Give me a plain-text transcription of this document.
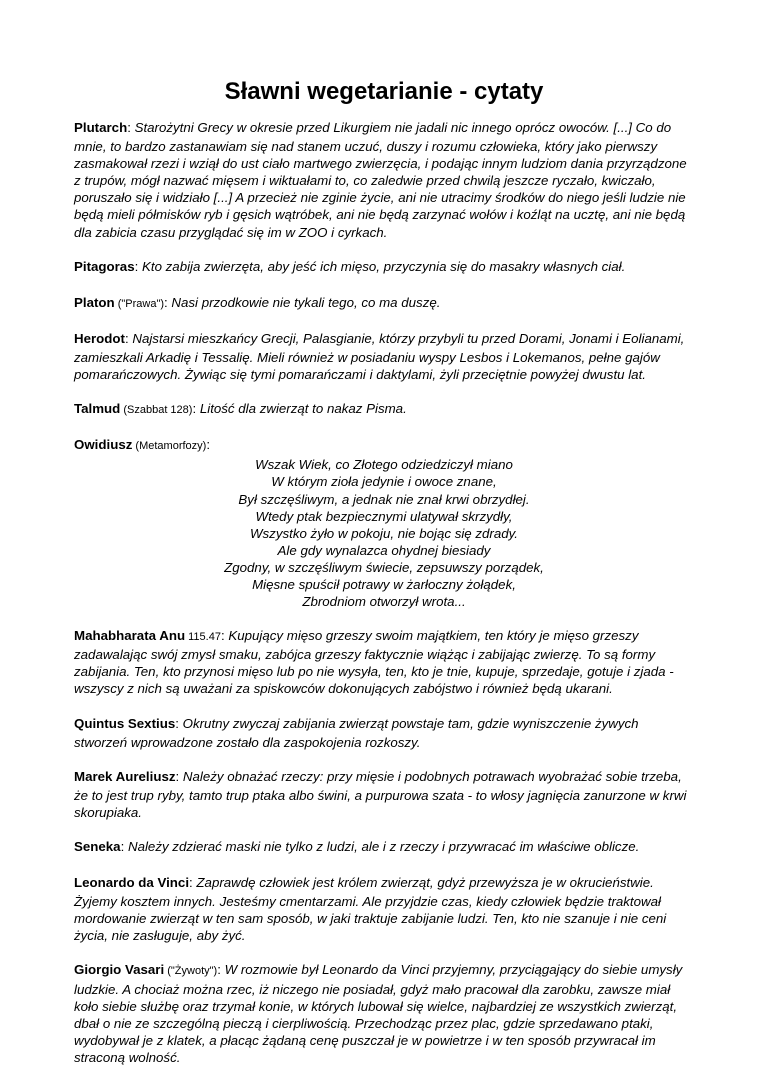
Sławni wegetarianie - cytaty

Plutarch: Starożytni Grecy w okresie przed Likurgiem nie jadali nic innego oprócz owoców. [...] Co do mnie, to bardzo zastanawiam się nad stanem uczuć, duszy i rozumu człowieka, który jako pierwszy zasmakował rzezi i wziął do ust ciało martwego zwierzęcia, i podając innym ludziom dania przyrządzone z trupów, mógł nazwać mięsem i wiktuałami to, co zaledwie przed chwilą jeszcze ryczało, kwiczało, poruszało się i widziało [...] A przecież nie zginie życie, ani nie utracimy środków do niego jeśli ludzie nie będą mieli półmisków ryb i gęsich wątróbek, ani nie będą zarzynać wołów i koźląt na ucztę, ani nie będą dla zabicia czasu przyglądać się im w ZOO i cyrkach.

Pitagoras: Kto zabija zwierzęta, aby jeść ich mięso, przyczynia się do masakry własnych ciał.

Platon ("Prawa"): Nasi przodkowie nie tykali tego, co ma duszę.

Herodot: Najstarsi mieszkańcy Grecji, Palasgianie, którzy przybyli tu przed Dorami, Jonami i Eolianami, zamieszkali Arkadię i Tessalię. Mieli również w posiadaniu wyspy Lesbos i Lokemanos, pełne gajów pomarańczowych. Żywiąc się tymi pomarańczami i daktylami, żyli przeciętnie powyżej dwustu lat.

Talmud (Szabbat 128): Litość dla zwierząt to nakaz Pisma.

Owidiusz (Metamorfozy):
Wszak Wiek, co Złotego odziedziczył miano
W którym zioła jedynie i owoce znane,
Był szczęśliwym, a jednak nie znał krwi obrzydłej.
Wtedy ptak bezpiecznymi ulatywał skrzydły,
Wszystko żyło w pokoju, nie bojąc się zdrady.
Ale gdy wynalazca ohydnej biesiady
Zgodny, w szczęśliwym świecie, zepsuwszy porządek,
Mięsne spuścił potrawy w żarłoczny żołądek,
Zbrodniom otworzył wrota...

Mahabharata Anu 115.47: Kupujący mięso grzeszy swoim majątkiem, ten który je mięso grzeszy zadawalając swój zmysł smaku, zabójca grzeszy faktycznie wiążąc i zabijając zwierzę. To są formy zabijania. Ten, kto przynosi mięso lub po nie wysyła, ten, kto je tnie, kupuje, sprzedaje, gotuje i zjada - wszyscy z nich są uważani za spiskowców dokonujących zabójstwo i również będą ukarani.

Quintus Sextius: Okrutny zwyczaj zabijania zwierząt powstaje tam, gdzie wyniszczenie żywych stworzeń wprowadzone zostało dla zaspokojenia rozkoszy.

Marek Aureliusz: Należy obnażać rzeczy: przy mięsie i podobnych potrawach wyobrażać sobie trzeba, że to jest trup ryby, tamto trup ptaka albo świni, a purpurowa szata - to włosy jagnięcia zanurzone w krwi skorupiaka.

Seneka: Należy zdzierać maski nie tylko z ludzi, ale i z rzeczy i przywracać im właściwe oblicze.

Leonardo da Vinci: Zaprawdę człowiek jest królem zwierząt, gdyż przewyższa je w okrucieństwie. Żyjemy kosztem innych. Jesteśmy cmentarzami. Ale przyjdzie czas, kiedy człowiek będzie traktował mordowanie zwierząt w ten sam sposób, w jaki traktuje zabijanie ludzi. Ten, kto nie szanuje i nie ceni życia, nie zasługuje, aby żyć.

Giorgio Vasari ("Żywoty"): W rozmowie był Leonardo da Vinci przyjemny, przyciągający do siebie umysły ludzkie. A chociaż można rzec, iż niczego nie posiadał, gdyż mało pracował dla zarobku, zawsze miał koło siebie służbę oraz trzymał konie, w których lubował się wielce, najbardziej ze wszystkich zwierząt, dbał o nie ze szczególną pieczą i cierpliwością. Przechodząc przez plac, gdzie sprzedawano ptaki, wydobywał je z klatek, a płacąc żądaną cenę puszczał je w powietrze i w ten sposób przywracał im straconą wolność.
